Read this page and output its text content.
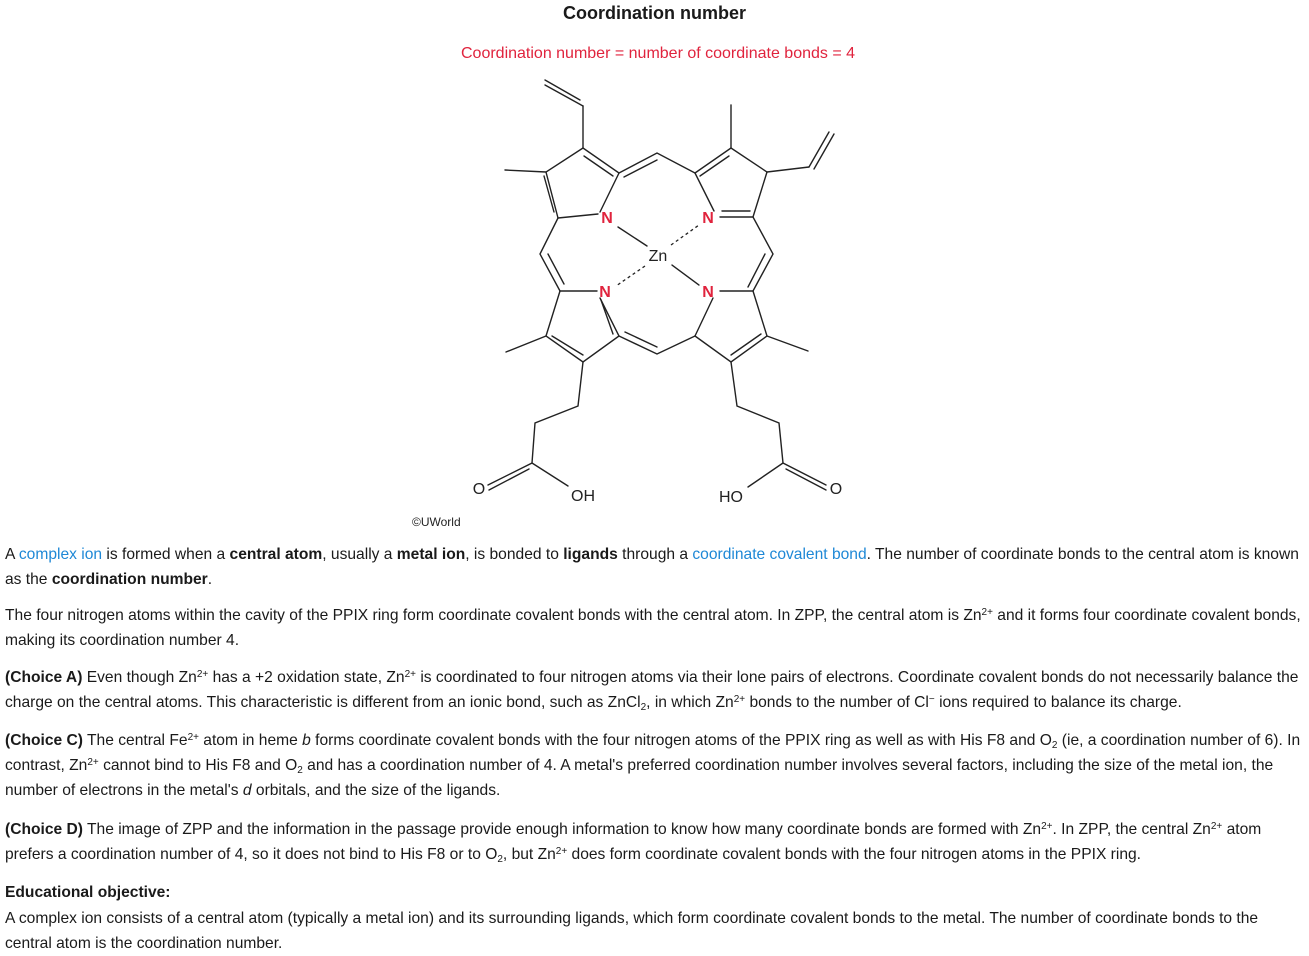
Coordination number
Coordination number = number of coordinate bonds = 4
N	N
N	N
Zn
O	OH	HO	O
©UWorld

A complex ion is formed when a central atom, usually a metal ion, is bonded to ligands through a coordinate covalent bond. The number of coordinate bonds to the central atom is known as the coordination number.

The four nitrogen atoms within the cavity of the PPIX ring form coordinate covalent bonds with the central atom. In ZPP, the central atom is $Zn^{2+}$ and it forms four coordinate covalent bonds, making its coordination number 4.

(Choice A) Even though $Zn^{2+}$ has a +2 oxidation state, $Zn^{2+}$ is coordinated to four nitrogen atoms via their lone pairs of electrons. Coordinate covalent bonds do not necessarily balance the charge on the central atoms. This characteristic is different from an ionic bond, such as ZnCl$_2$, in which $Zn^{2+}$ bonds to the number of Cl− ions required to balance its charge.

(Choice C) The central $Fe^{2+}$ atom in heme b forms coordinate covalent bonds with the four nitrogen atoms of the PPIX ring as well as with His F8 and $O_2$ (ie, a coordination number of 6). In contrast, $Zn^{2+}$ cannot bind to His F8 and $O_2$ and has a coordination number of 4. A metal's preferred coordination number involves several factors, including the size of the metal ion, the number of electrons in the metal's d orbitals, and the size of the ligands.

(Choice D) The image of ZPP and the information in the passage provide enough information to know how many coordinate bonds are formed with $Zn^{2+}$. In ZPP, the central $Zn^{2+}$ atom prefers a coordination number of 4, so it does not bind to His F8 or to $O_2$, but $Zn^{2+}$ does form coordinate covalent bonds with the four nitrogen atoms in the PPIX ring.

Educational objective:

A complex ion consists of a central atom (typically a metal ion) and its surrounding ligands, which form coordinate covalent bonds to the metal. The number of coordinate bonds to the central atom is the coordination number.
